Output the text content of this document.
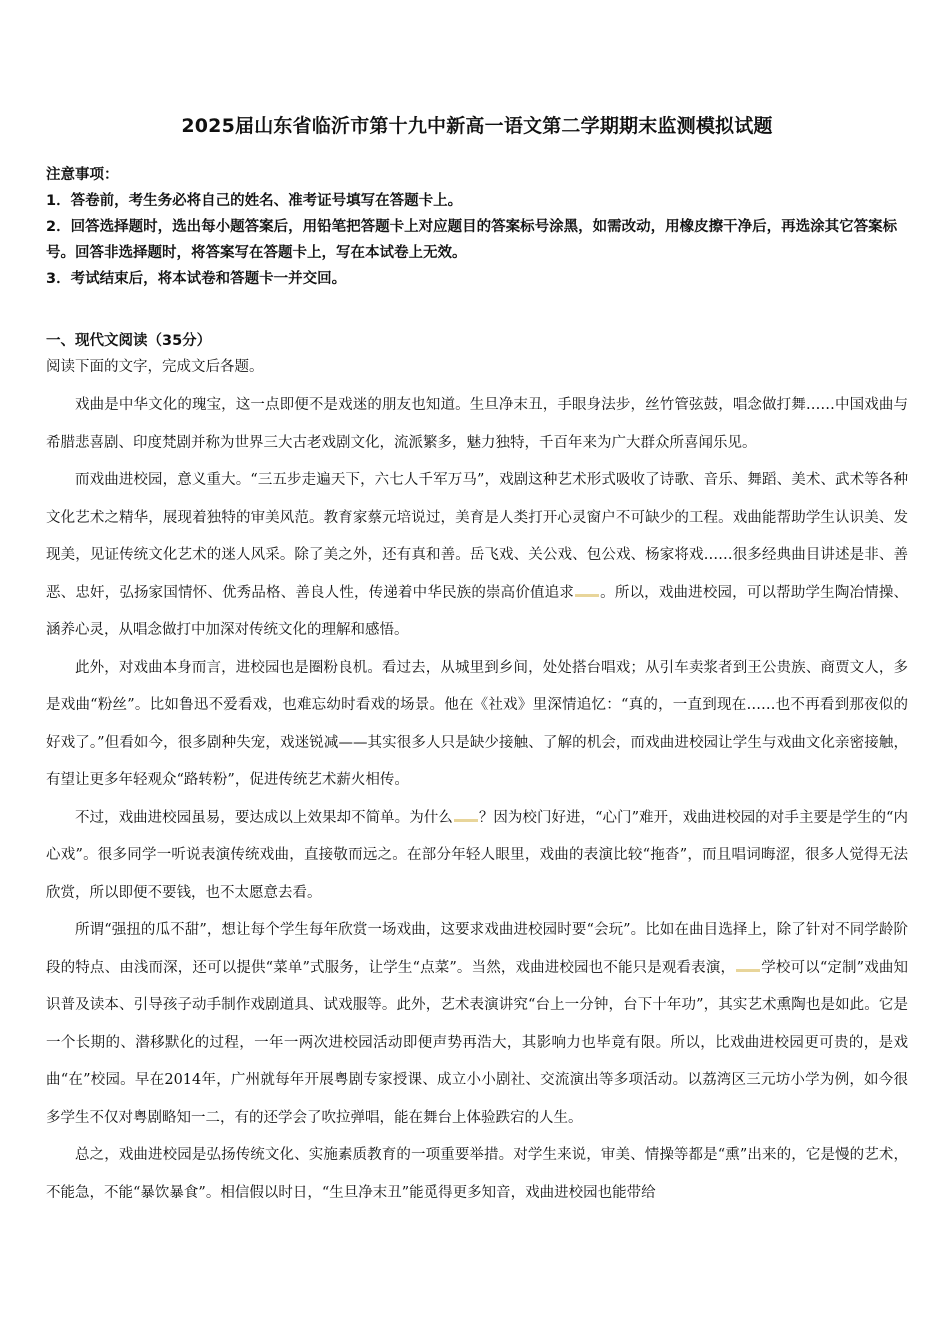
2025届山东省临沂市第十九中新高一语文第二学期期末监测模拟试题

注意事项：

1．答卷前，考生务必将自己的姓名、准考证号填写在答题卡上。

2．回答选择题时，选出每小题答案后，用铅笔把答题卡上对应题目的答案标号涂黑，如需改动，用橡皮擦干净后，再选涂其它答案标号。回答非选择题时，将答案写在答题卡上，写在本试卷上无效。

3．考试结束后，将本试卷和答题卡一并交回。

一、现代文阅读（35分）

阅读下面的文字，完成文后各题。

戏曲是中华文化的瑰宝，这一点即便不是戏迷的朋友也知道。生旦净末丑，手眼身法步，丝竹管弦鼓，唱念做打舞……中国戏曲与希腊悲喜剧、印度梵剧并称为世界三大古老戏剧文化，流派繁多，魅力独特，千百年来为广大群众所喜闻乐见。

而戏曲进校园，意义重大。“三五步走遍天下，六七人千军万马”，戏剧这种艺术形式吸收了诗歌、音乐、舞蹈、美术、武术等各种文化艺术之精华，展现着独特的审美风范。教育家蔡元培说过，美育是人类打开心灵窗户不可缺少的工程。戏曲能帮助学生认识美、发现美，见证传统文化艺术的迷人风采。除了美之外，还有真和善。岳飞戏、关公戏、包公戏、杨家将戏……很多经典曲目讲述是非、善恶、忠奸，弘扬家国情怀、优秀品格、善良人性，传递着中华民族的崇高价值追求 。所以，戏曲进校园，可以帮助学生陶冶情操、涵养心灵，从唱念做打中加深对传统文化的理解和感悟。

此外，对戏曲本身而言，进校园也是圈粉良机。看过去，从城里到乡间，处处搭台唱戏；从引车卖浆者到王公贵族、商贾文人，多是戏曲“粉丝”。比如鲁迅不爱看戏，也难忘幼时看戏的场景。他在《社戏》里深情追忆：“真的，一直到现在……也不再看到那夜似的好戏了。”但看如今，很多剧种失宠，戏迷锐减——其实很多人只是缺少接触、了解的机会，而戏曲进校园让学生与戏曲文化亲密接触，有望让更多年轻观众“路转粉”，促进传统艺术薪火相传。

不过，戏曲进校园虽易，要达成以上效果却不简单。为什么 ？因为校门好进，“心门”难开，戏曲进校园的对手主要是学生的“内心戏”。很多同学一听说表演传统戏曲，直接敬而远之。在部分年轻人眼里，戏曲的表演比较“拖沓”，而且唱词晦涩，很多人觉得无法欣赏，所以即便不要钱，也不太愿意去看。

所谓“强扭的瓜不甜”，想让每个学生每年欣赏一场戏曲，这要求戏曲进校园时要“会玩”。比如在曲目选择上，除了针对不同学龄阶段的特点、由浅而深，还可以提供“菜单”式服务，让学生“点菜”。当然，戏曲进校园也不能只是观看表演， 学校可以“定制”戏曲知识普及读本、引导孩子动手制作戏剧道具、试戏服等。此外，艺术表演讲究“台上一分钟，台下十年功”，其实艺术熏陶也是如此。它是一个长期的、潜移默化的过程，一年一两次进校园活动即便声势再浩大，其影响力也毕竟有限。所以，比戏曲进校园更可贵的，是戏曲“在”校园。早在2014年，广州就每年开展粤剧专家授课、成立小小剧社、交流演出等多项活动。以荔湾区三元坊小学为例，如今很多学生不仅对粤剧略知一二，有的还学会了吹拉弹唱，能在舞台上体验跌宕的人生。

总之，戏曲进校园是弘扬传统文化、实施素质教育的一项重要举措。对学生来说，审美、情操等都是“熏”出来的，它是慢的艺术，不能急，不能“暴饮暴食”。相信假以时日，“生旦净末丑”能觅得更多知音，戏曲进校园也能带给
